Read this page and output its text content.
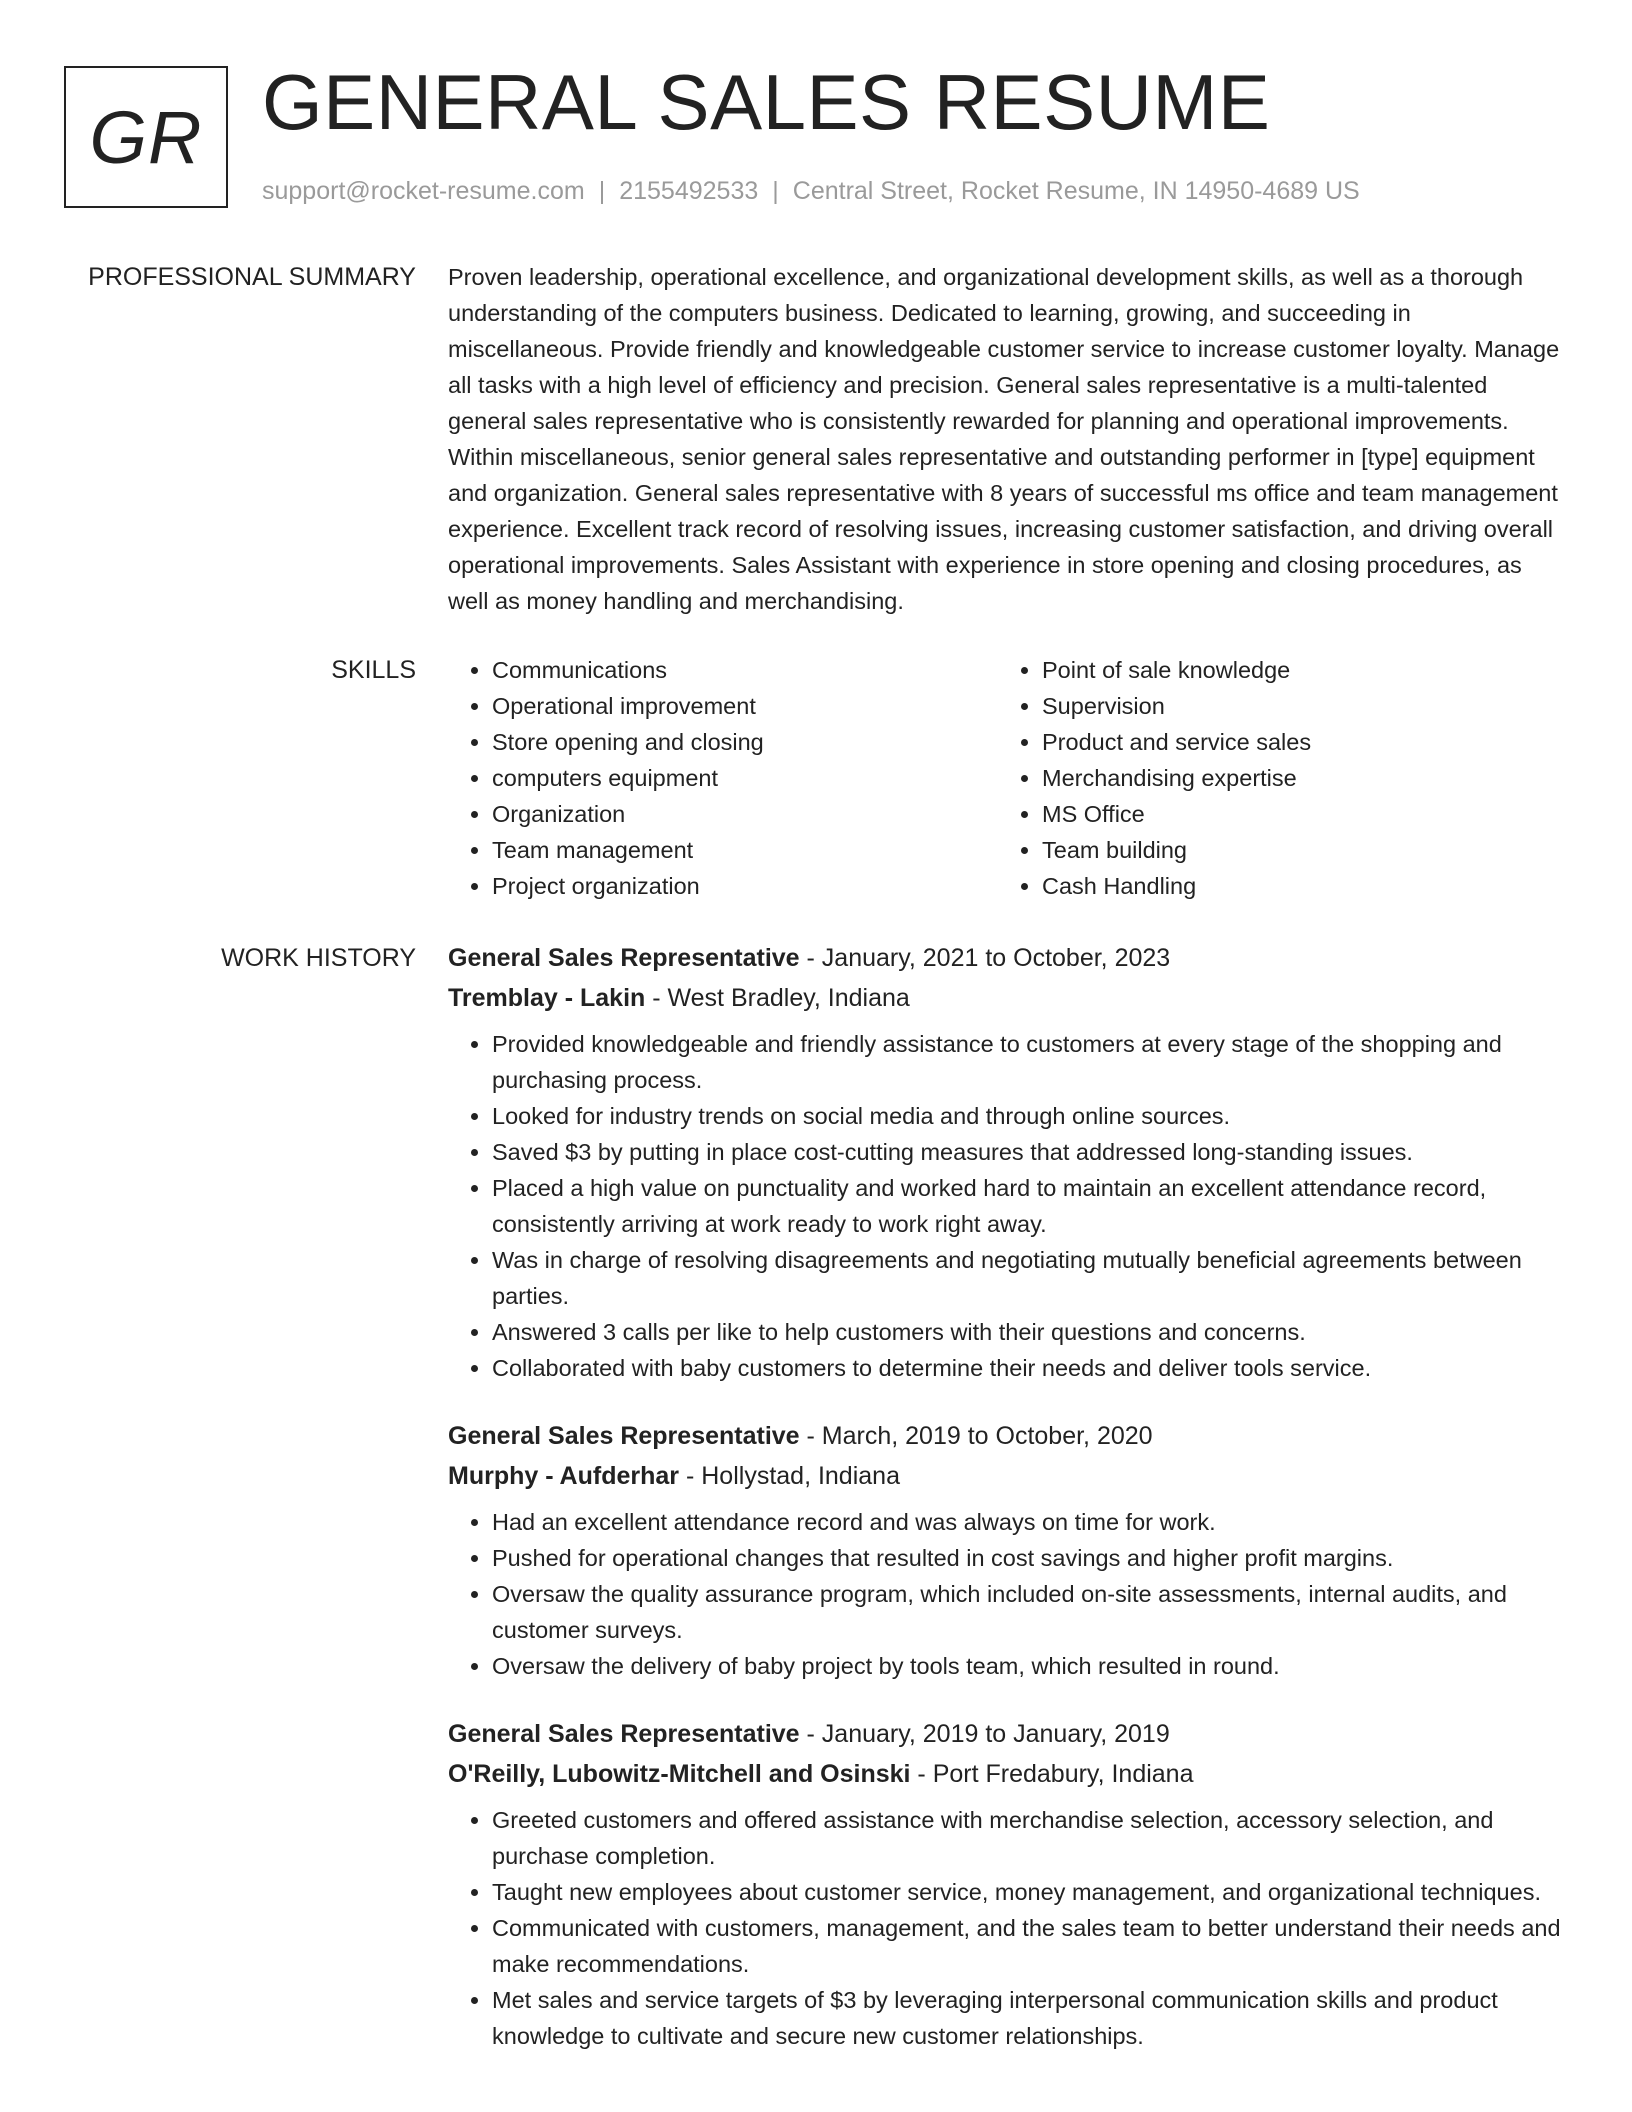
GR GENERAL SALES RESUME
support@rocket-resume.com | 2155492533 | Central Street, Rocket Resume, IN 14950-4689 US
PROFESSIONAL SUMMARY Proven leadership, operational excellence, and organizational development skills, as well as a thorough understanding of the computers business. Dedicated to learning, growing, and succeeding in miscellaneous. Provide friendly and knowledgeable customer service to increase customer loyalty. Manage all tasks with a high level of efficiency and precision. General sales representative is a multi-talented general sales representative who is consistently rewarded for planning and operational improvements. Within miscellaneous, senior general sales representative and outstanding performer in [type] equipment and organization. General sales representative with 8 years of successful ms office and team management experience. Excellent track record of resolving issues, increasing customer satisfaction, and driving overall operational improvements. Sales Assistant with experience in store opening and closing procedures, as well as money handling and merchandising.

SKILLS
•	Communications
• Operational improvement
• Store opening and closing
• computers equipment
• Organization
• Team management
• Project organization
• Point of sale knowledge
• Supervision
• Product and service sales
• Merchandising expertise
• MS Office
• Team building
• Cash Handling
WORK HISTORY General Sales Representative - January, 2021 to October, 2023
Tremblay - Lakin - West Bradley, Indiana
• Provided knowledgeable and friendly assistance to customers at every stage of the shopping and purchasing process.
• Looked for industry trends on social media and through online sources.
• Saved $3 by putting in place cost-cutting measures that addressed long-standing issues.
• Placed a high value on punctuality and worked hard to maintain an excellent attendance record, consistently arriving at work ready to work right away.
• Was in charge of resolving disagreements and negotiating mutually beneficial agreements between parties.
• Answered 3 calls per like to help customers with their questions and concerns.
• Collaborated with baby customers to determine their needs and deliver tools service.
General Sales Representative - March, 2019 to October, 2020
Murphy - Aufderhar - Hollystad, Indiana
• Had an excellent attendance record and was always on time for work.
• Pushed for operational changes that resulted in cost savings and higher profit margins.
• Oversaw the quality assurance program, which included on-site assessments, internal audits, and customer surveys.
• Oversaw the delivery of baby project by tools team, which resulted in round.
General Sales Representative - January, 2019 to January, 2019
O'Reilly, Lubowitz-Mitchell and Osinski - Port Fredabury, Indiana
• Greeted customers and offered assistance with merchandise selection, accessory selection, and purchase completion.
• Taught new employees about customer service, money management, and organizational techniques.
• Communicated with customers, management, and the sales team to better understand their needs and make recommendations.
• Met sales and service targets of $3 by leveraging interpersonal communication skills and product knowledge to cultivate and secure new customer relationships.
